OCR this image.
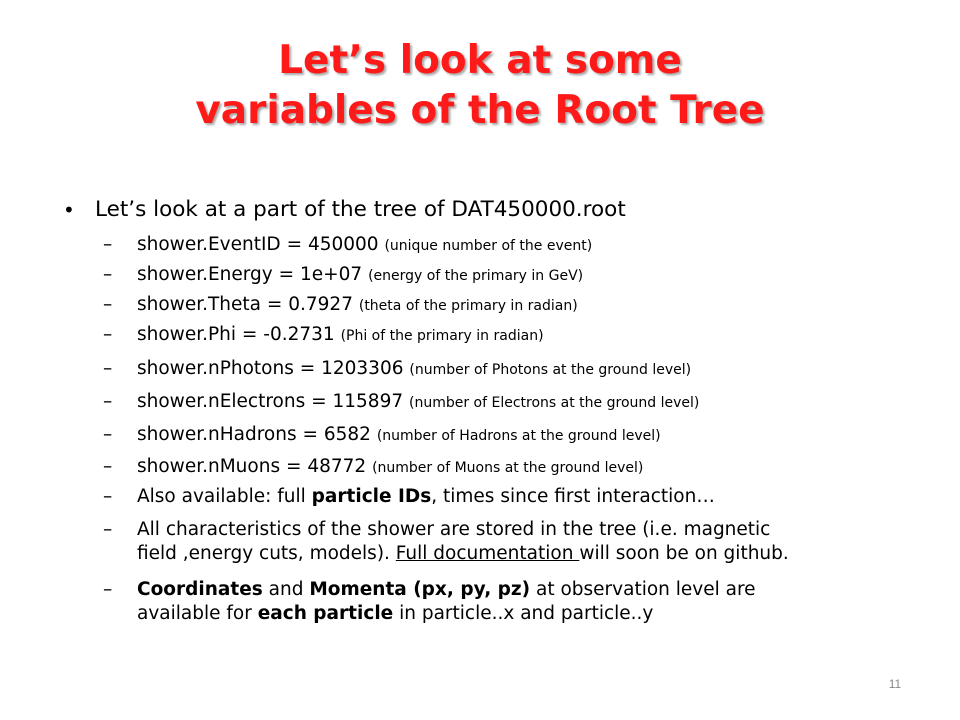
Let’s look at some
variables of the Root Tree
• Let’s look at a part of the tree of DAT450000.root
– shower.EventID = 450000 (unique number of the event)
– shower.Energy = 1e+07 (energy of the primary in GeV)
– shower.Theta = 0.7927 (theta of the primary in radian)
– shower.Phi = -0.2731 (Phi of the primary in radian)
– shower.nPhotons = 1203306 (number of Photons at the ground level)
– shower.nElectrons = 115897 (number of Electrons at the ground level)
– shower.nHadrons = 6582 (number of Hadrons at the ground level)
– shower.nMuons = 48772 (number of Muons at the ground level)
– Also available: full particle IDs, times since first interaction…
– All characteristics of the shower are stored in the tree (i.e. magnetic
field ,energy cuts, models). Full documentation will soon be on github.
– Coordinates and Momenta (px, py, pz) at observation level are
available for each particle in particle..x and particle..y
11
